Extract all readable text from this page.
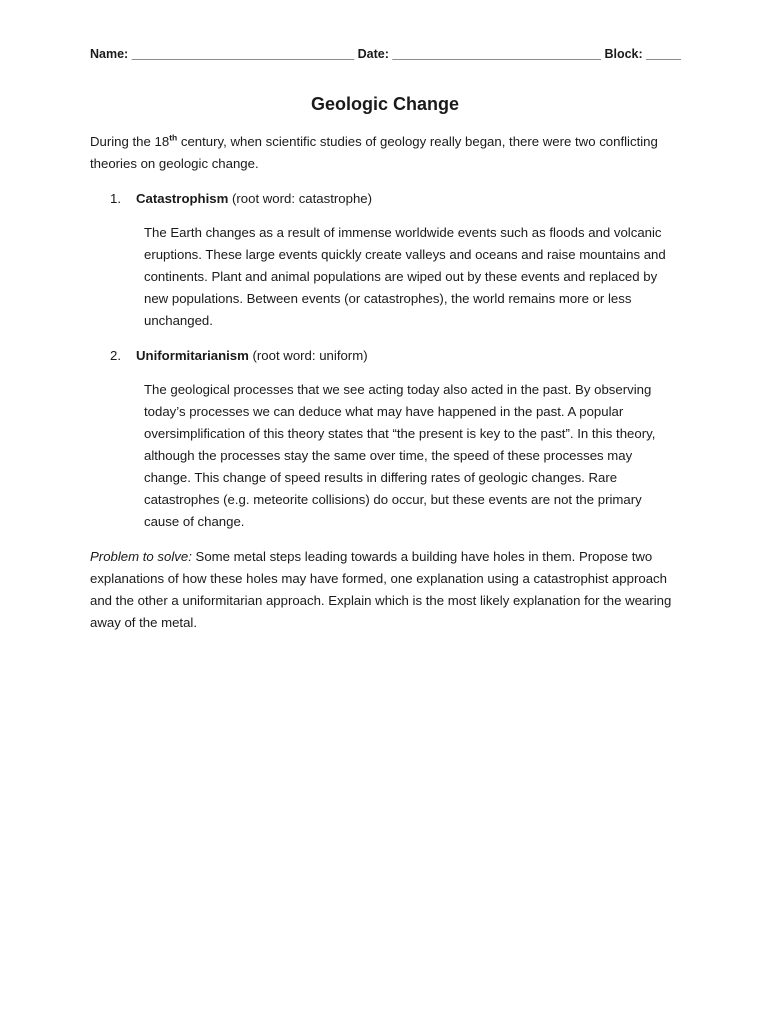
Name: ________________________________ Date: ______________________________ Block: _____
Geologic Change

During the 18th century, when scientific studies of geology really began, there were two conflicting theories on geologic change.

1.	Catastrophism (root word: catastrophe)
The Earth changes as a result of immense worldwide events such as floods and volcanic eruptions. These large events quickly create valleys and oceans and raise mountains and continents. Plant and animal populations are wiped out by these events and replaced by new populations. Between events (or catastrophes), the world remains more or less unchanged.
2.	Uniformitarianism (root word: uniform)
The geological processes that we see acting today also acted in the past. By observing today’s processes we can deduce what may have happened in the past. A popular oversimplification of this theory states that “the present is key to the past”. In this theory, although the processes stay the same over time, the speed of these processes may change. This change of speed results in differing rates of geologic changes. Rare catastrophes (e.g. meteorite collisions) do occur, but these events are not the primary cause of change.

Problem to solve: Some metal steps leading towards a building have holes in them. Propose two explanations of how these holes may have formed, one explanation using a catastrophist approach and the other a uniformitarian approach. Explain which is the most likely explanation for the wearing away of the metal.
